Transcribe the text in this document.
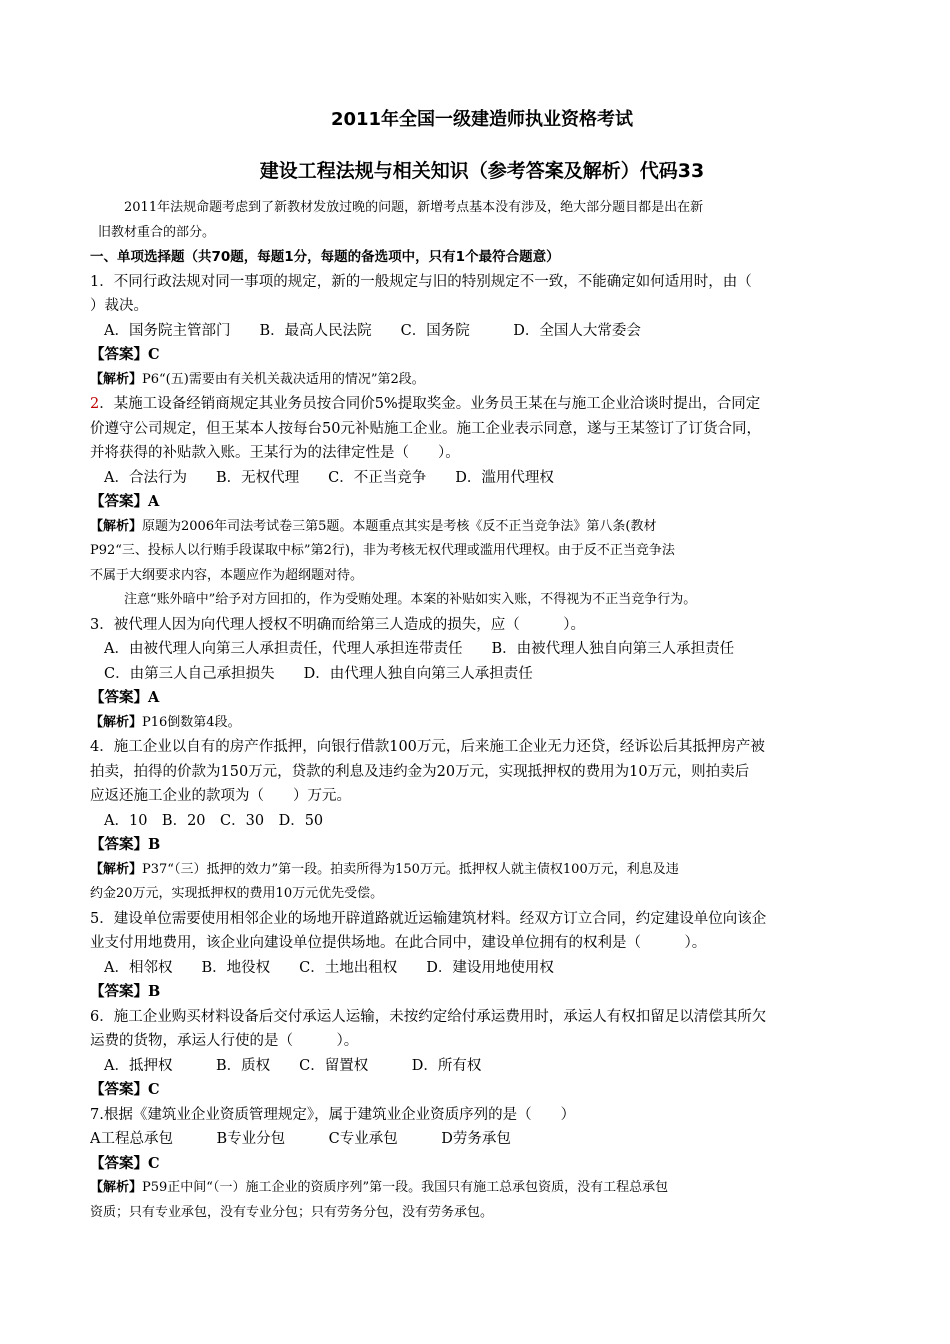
2011年全国一级建造师执业资格考试
建设工程法规与相关知识（参考答案及解析）代码33
2011年法规命题考虑到了新教材发放过晚的问题，新增考点基本没有涉及，绝大部分题目都是出在新
旧教材重合的部分。
一、单项选择题（共70题，每题1分，每题的备选项中，只有1个最符合题意）
1．不同行政法规对同一事项的规定，新的一般规定与旧的特别规定不一致，不能确定如何适用时，由（
）裁决。
A．国务院主管部门　　B．最高人民法院　　C．国务院　　　D．全国人大常委会
【答案】C
【解析】P6“(五)需要由有关机关裁决适用的情况”第2段。
2．某施工设备经销商规定其业务员按合同价5%提取奖金。业务员王某在与施工企业洽谈时提出，合同定
价遵守公司规定，但王某本人按每台50元补贴施工企业。施工企业表示同意，遂与王某签订了订货合同，
并将获得的补贴款入账。王某行为的法律定性是（　　）。
A．合法行为　　B．无权代理　　C．不正当竞争　　D．滥用代理权
【答案】A
【解析】原题为2006年司法考试卷三第5题。本题重点其实是考核《反不正当竞争法》第八条(教材
P92“三、投标人以行贿手段谋取中标”第2行)，非为考核无权代理或滥用代理权。由于反不正当竞争法
不属于大纲要求内容，本题应作为超纲题对待。
注意“账外暗中”给予对方回扣的，作为受贿处理。本案的补贴如实入账，不得视为不正当竞争行为。
3．被代理人因为向代理人授权不明确而给第三人造成的损失，应（　　　）。
A．由被代理人向第三人承担责任，代理人承担连带责任　　B．由被代理人独自向第三人承担责任
C．由第三人自己承担损失　　D．由代理人独自向第三人承担责任
【答案】A
【解析】P16倒数第4段。
4．施工企业以自有的房产作抵押，向银行借款100万元，后来施工企业无力还贷，经诉讼后其抵押房产被
拍卖，拍得的价款为150万元，贷款的利息及违约金为20万元，实现抵押权的费用为10万元，则拍卖后
应返还施工企业的款项为（　　）万元。
A．10　B．20　C．30　D．50
【答案】B
【解析】P37“（三）抵押的效力”第一段。拍卖所得为150万元。抵押权人就主债权100万元，利息及违
约金20万元，实现抵押权的费用10万元优先受偿。
5．建设单位需要使用相邻企业的场地开辟道路就近运输建筑材料。经双方订立合同，约定建设单位向该企
业支付用地费用，该企业向建设单位提供场地。在此合同中，建设单位拥有的权利是（　　　）。
A．相邻权　　B．地役权　　C．土地出租权　　D．建设用地使用权
【答案】B
6．施工企业购买材料设备后交付承运人运输，未按约定给付承运费用时，承运人有权扣留足以清偿其所欠
运费的货物，承运人行使的是（　　　）。
A．抵押权　　　B．质权　　C．留置权　　　D．所有权
【答案】C
7.根据《建筑业企业资质管理规定》，属于建筑业企业资质序列的是（　　）
A工程总承包　　　B专业分包　　　C专业承包　　　D劳务承包
【答案】C
【解析】P59正中间“（一）施工企业的资质序列”第一段。我国只有施工总承包资质，没有工程总承包
资质；只有专业承包，没有专业分包；只有劳务分包，没有劳务承包。
